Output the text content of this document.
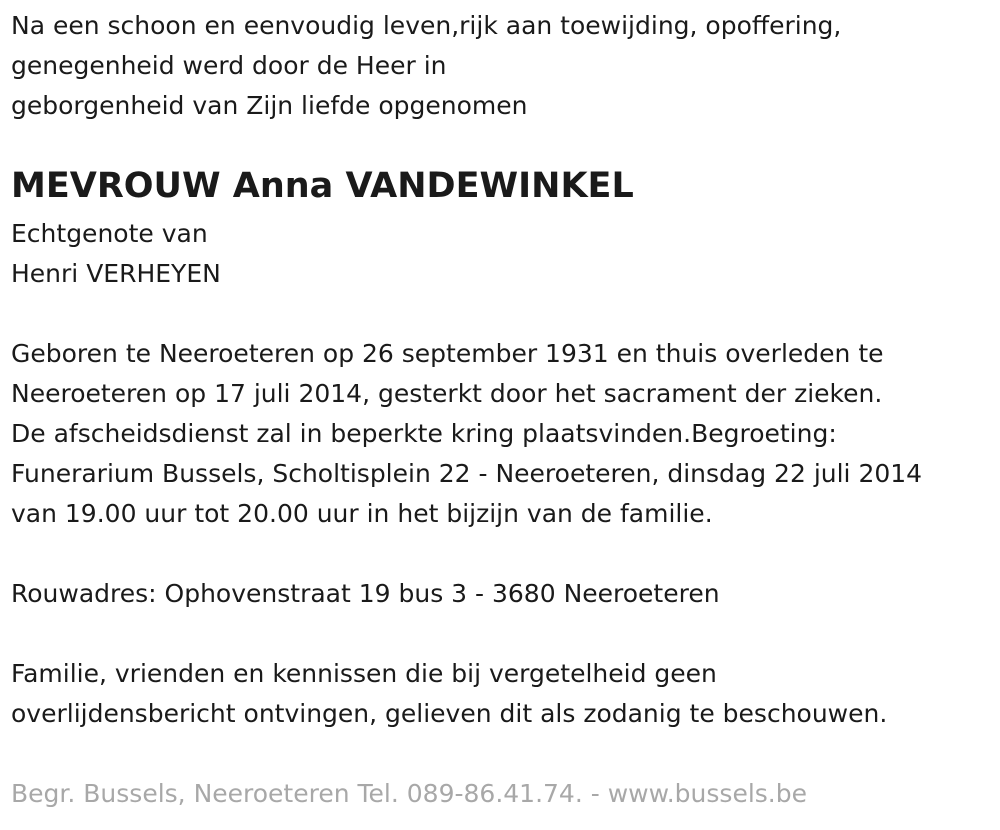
Na een schoon en eenvoudig leven,rijk aan toewijding, opoffering,
genegenheid werd door de Heer in
geborgenheid van Zijn liefde opgenomen
MEVROUW Anna VANDEWINKEL
Echtgenote van
Henri VERHEYEN
Geboren te Neeroeteren op 26 september 1931 en thuis overleden te
Neeroeteren op 17 juli 2014, gesterkt door het sacrament der zieken.
De afscheidsdienst zal in beperkte kring plaatsvinden.Begroeting:
Funerarium Bussels, Scholtisplein 22 - Neeroeteren, dinsdag 22 juli 2014
van 19.00 uur tot 20.00 uur in het bijzijn van de familie.
Rouwadres: Ophovenstraat 19 bus 3 - 3680 Neeroeteren
Familie, vrienden en kennissen die bij vergetelheid geen
overlijdensbericht ontvingen, gelieven dit als zodanig te beschouwen.
Begr. Bussels, Neeroeteren Tel. 089-86.41.74. - www.bussels.be
